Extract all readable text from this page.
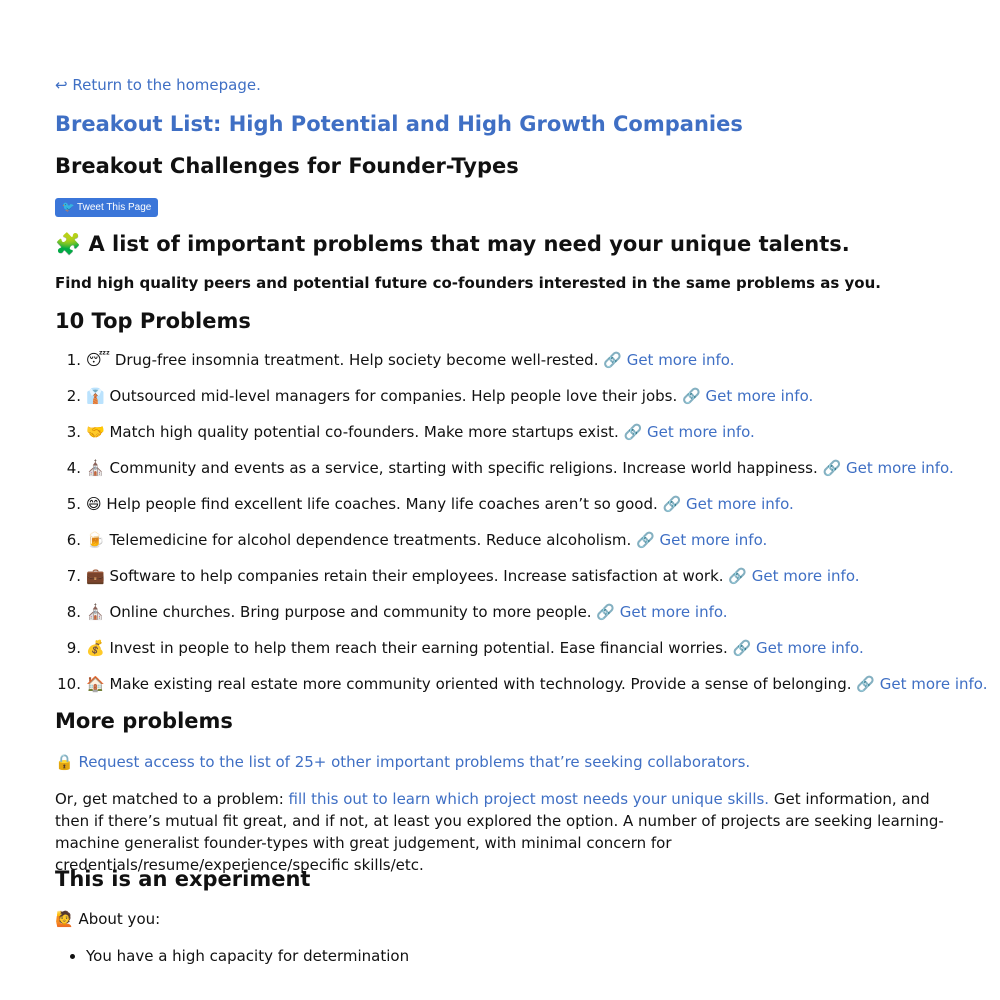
↩ Return to the homepage.
Breakout List: High Potential and High Growth Companies
Breakout Challenges for Founder-Types
🐦 Tweet This Page
🧩 A list of important problems that may need your unique talents.

Find high quality peers and potential future co-founders interested in the same problems as you.

10 Top Problems
1. 😴 Drug-free insomnia treatment. Help society become well-rested. 🔗 Get more info.
2. 👔 Outsourced mid-level managers for companies. Help people love their jobs. 🔗 Get more info.
3. 🤝 Match high quality potential co-founders. Make more startups exist. 🔗 Get more info.
4. ⛪ Community and events as a service, starting with specific religions. Increase world happiness. 🔗 Get more info.
5. 😄 Help people find excellent life coaches. Many life coaches aren’t so good. 🔗 Get more info.
6. 🍺 Telemedicine for alcohol dependence treatments. Reduce alcoholism. 🔗 Get more info.
7. 💼 Software to help companies retain their employees. Increase satisfaction at work. 🔗 Get more info.
8. ⛪ Online churches. Bring purpose and community to more people. 🔗 Get more info.
9. 💰 Invest in people to help them reach their earning potential. Ease financial worries. 🔗 Get more info.
10. 🏠 Make existing real estate more community oriented with technology. Provide a sense of belonging. 🔗 Get more info.
More problems
🔒 Request access to the list of 25+ other important problems that’re seeking collaborators.

Or, get matched to a problem: fill this out to learn which project most needs your unique skills. Get information, and then if there’s mutual fit great, and if not, at least you explored the option. A number of projects are seeking learning-machine generalist founder-types with great judgement, with minimal concern for credentials/resume/experience/specific skills/etc.

This is an experiment
🙋 About you:
• You have a high capacity for determination
